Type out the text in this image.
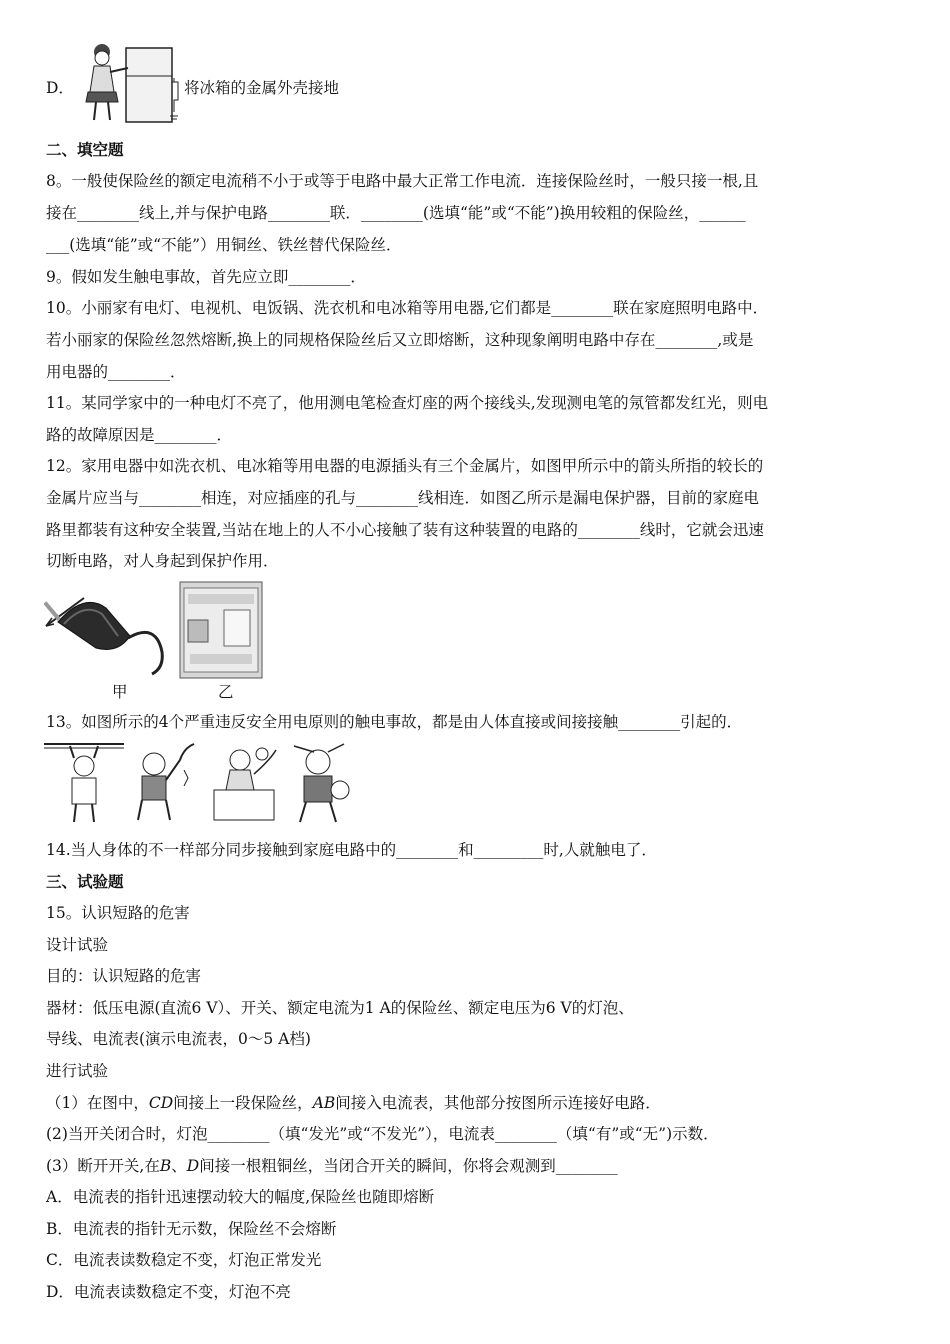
D．	将冰箱的金属外壳接地
二、填空题
8。一般使保险丝的额定电流稍不小于或等于电路中最大正常工作电流．连接保险丝时，一般只接一根,且
接在________线上,并与保护电路________联．________(选填“能”或“不能”)换用较粗的保险丝，______
___(选填“能”或“不能”）用铜丝、铁丝替代保险丝．
9。假如发生触电事故，首先应立即________．
10。小丽家有电灯、电视机、电饭锅、洗衣机和电冰箱等用电器,它们都是________联在家庭照明电路中．
若小丽家的保险丝忽然熔断,换上的同规格保险丝后又立即熔断，这种现象阐明电路中存在________,或是
用电器的________．
11。某同学家中的一种电灯不亮了，他用测电笔检查灯座的两个接线头,发现测电笔的氖管都发红光，则电
路的故障原因是________．
12。家用电器中如洗衣机、电冰箱等用电器的电源插头有三个金属片，如图甲所示中的箭头所指的较长的
金属片应当与________相连，对应插座的孔与________线相连．如图乙所示是漏电保护器，目前的家庭电
路里都装有这种安全装置,当站在地上的人不小心接触了装有这种装置的电路的________线时，它就会迅速
切断电路，对人身起到保护作用．
甲	乙
13。如图所示的4个严重违反安全用电原则的触电事故，都是由人体直接或间接接触________引起的．
14.当人身体的不一样部分同步接触到家庭电路中的________和_________时,人就触电了．
三、试验题
15。认识短路的危害
设计试验
目的：认识短路的危害
器材：低压电源(直流6 V）、开关、额定电流为1 A的保险丝、额定电压为6 V的灯泡、
导线、电流表(演示电流表，0～5 A档)
进行试验
（1）在图中，CD间接上一段保险丝，AB间接入电流表，其他部分按图所示连接好电路．
(2)当开关闭合时，灯泡________（填“发光”或“不发光”），电流表________（填“有”或“无”)示数．
(3）断开开关,在B、D间接一根粗铜丝，当闭合开关的瞬间，你将会观测到________
A．电流表的指针迅速摆动较大的幅度,保险丝也随即熔断
B．电流表的指针无示数，保险丝不会熔断
C．电流表读数稳定不变，灯泡正常发光
D．电流表读数稳定不变，灯泡不亮
